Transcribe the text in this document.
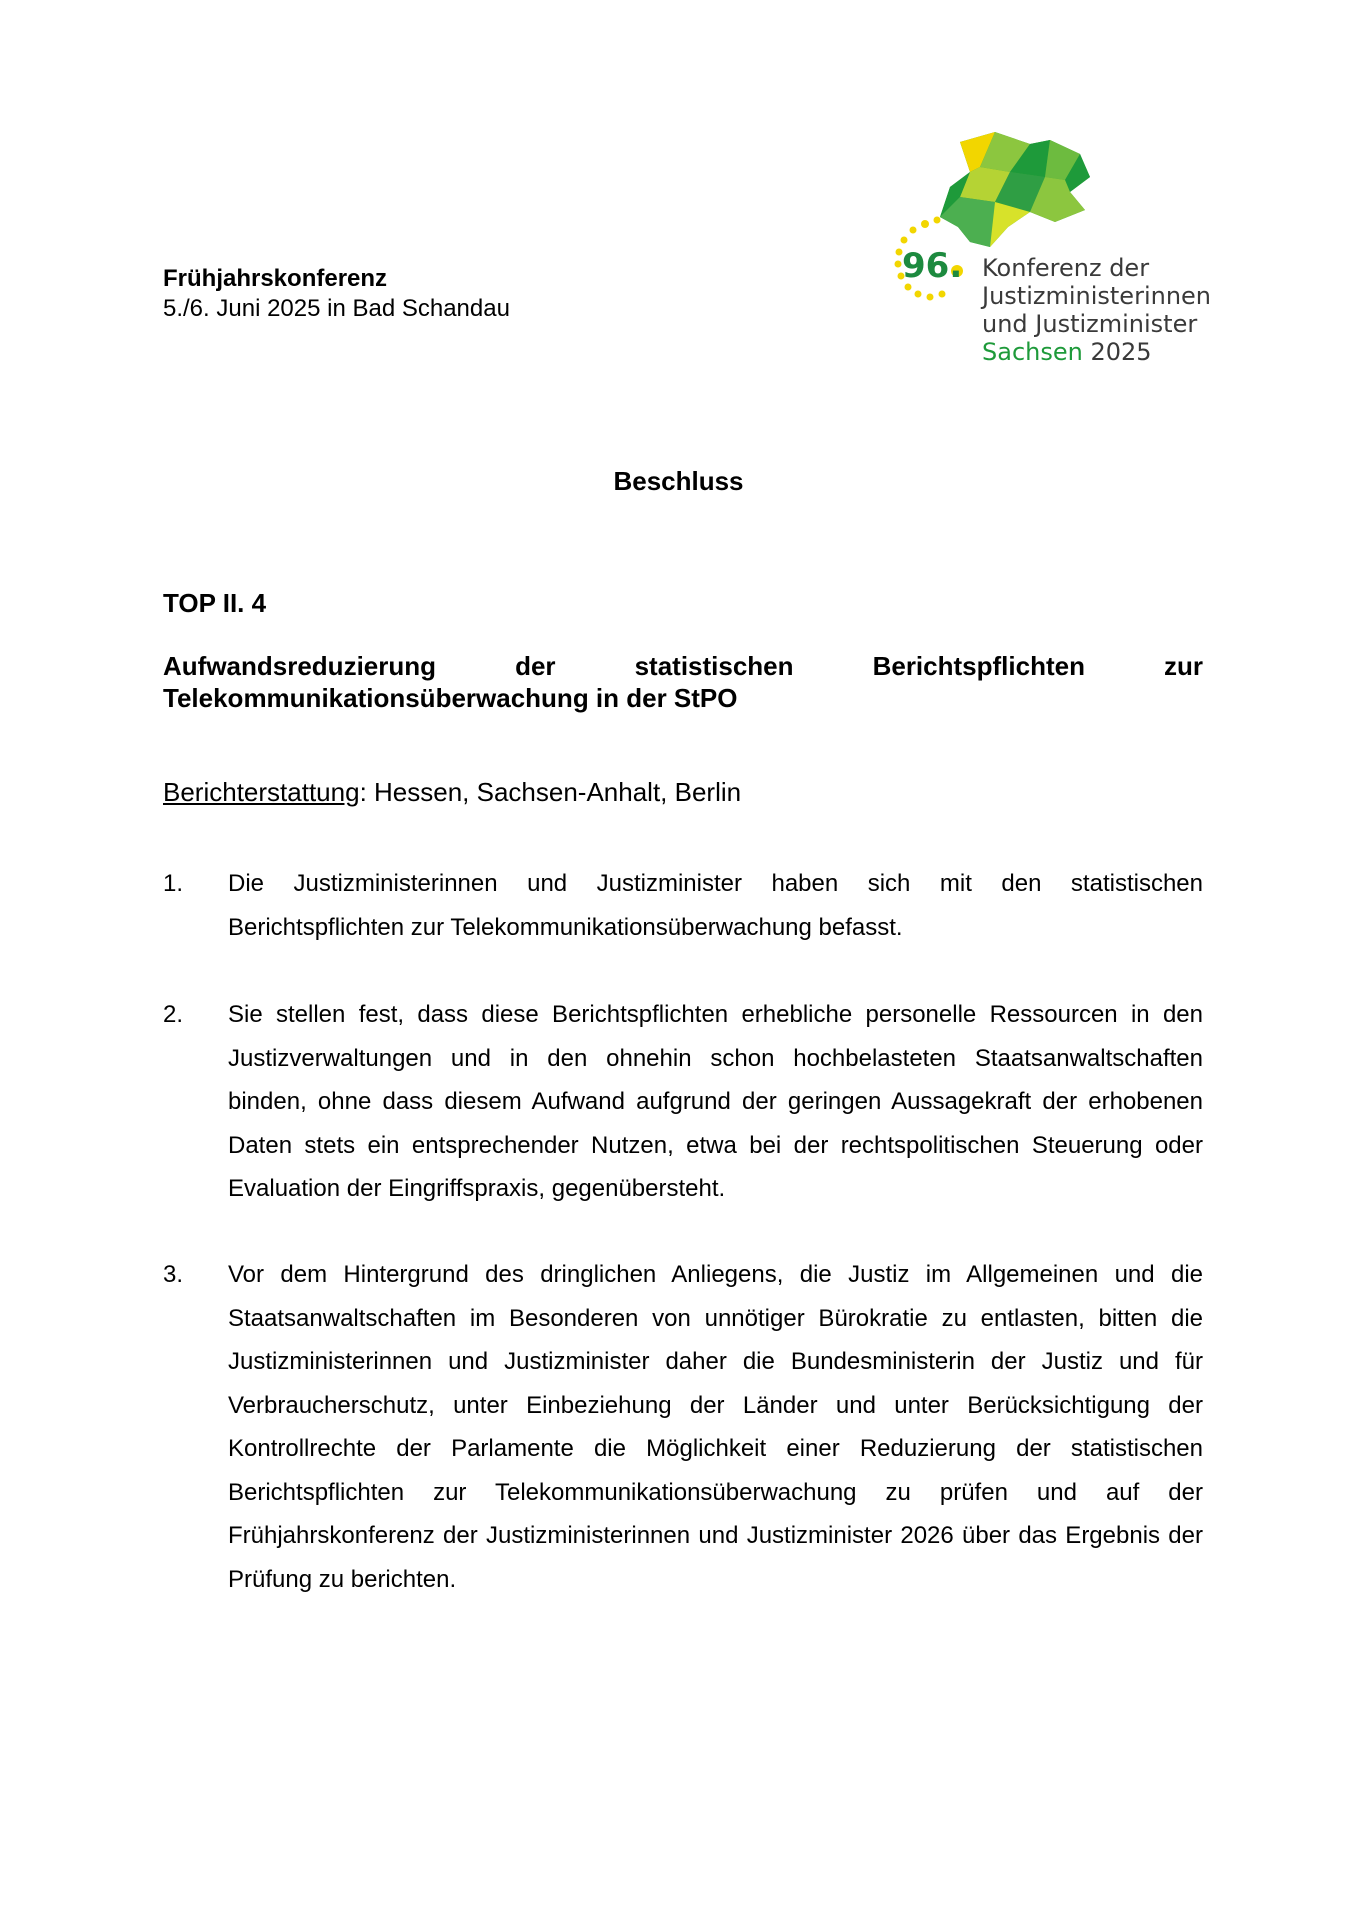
Frühjahrskonferenz
5./6. Juni 2025 in Bad Schandau
96. Konferenz der
Justizministerinnen
und Justizminister
Sachsen 2025
Beschluss
TOP II. 4
Aufwandsreduzierung	der	statistischen	Berichtspflichten	zur
Telekommunikationsüberwachung in der StPO
Berichterstattung: Hessen, Sachsen-Anhalt, Berlin
1.	Die Justizministerinnen und Justizminister haben sich mit den statistischen Berichtspflichten zur Telekommunikationsüberwachung befasst.
2.	Sie stellen fest, dass diese Berichtspflichten erhebliche personelle Ressourcen in den Justizverwaltungen und in den ohnehin schon hochbelasteten Staatsanwaltschaften binden, ohne dass diesem Aufwand aufgrund der geringen Aussagekraft der erhobenen Daten stets ein entsprechender Nutzen, etwa bei der rechtspolitischen Steuerung oder Evaluation der Eingriffspraxis, gegenübersteht.
3.	Vor dem Hintergrund des dringlichen Anliegens, die Justiz im Allgemeinen und die Staatsanwaltschaften im Besonderen von unnötiger Bürokratie zu entlasten, bitten die Justizministerinnen und Justizminister daher die Bundesministerin der Justiz und für Verbraucherschutz, unter Einbeziehung der Länder und unter Berücksichtigung der Kontrollrechte der Parlamente die Möglichkeit einer Reduzierung der statistischen Berichtspflichten zur Telekommunikationsüberwachung zu prüfen und auf der Frühjahrskonferenz der Justizministerinnen und Justizminister 2026 über das Ergebnis der Prüfung zu berichten.
